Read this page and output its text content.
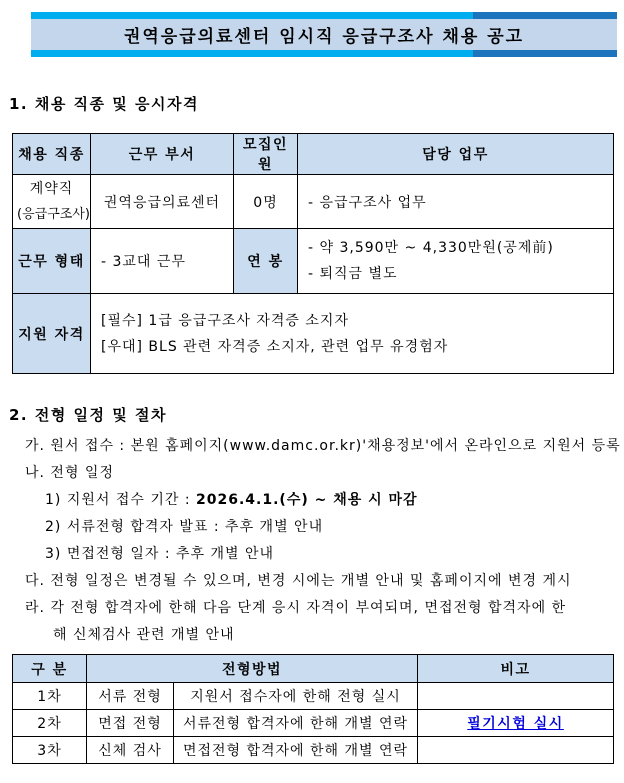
권역응급의료센터 임시직 응급구조사 채용 공고
1. 채용 직종 및 응시자격
채용 직종	근무 부서	모집인원	담당 업무

계약직
(응급구조사)	권역응급의료센터	0명	- 응급구조사 업무
근무 형태	- 3교대 근무	연 봉	- 약 3,590만 ~ 4,330만원(공제前)
- 퇴직금 별도

지원 자격	[필수] 1급 응급구조사 자격증 소지자
[우대] BLS 관련 자격증 소지자, 관련 업무 유경험자		
2. 전형 일정 및 절차
가. 원서 접수 : 본원 홈페이지(www.damc.or.kr)'채용정보'에서 온라인으로 지원서 등록
나. 전형 일정
1) 지원서 접수 기간 : 2026.4.1.(수) ~ 채용 시 마감
2) 서류전형 합격자 발표 : 추후 개별 안내
3) 면접전형 일자 : 추후 개별 안내
다. 전형 일정은 변경될 수 있으며, 변경 시에는 개별 안내 및 홈페이지에 변경 게시
라. 각 전형 합격자에 한해 다음 단계 응시 자격이 부여되며, 면접전형 합격자에 한
해 신체검사 관련 개별 안내
구 분	전형방법		비고
1차	서류 전형	지원서 접수자에 한해 전형 실시	
2차	면접 전형	서류전형 합격자에 한해 개별 연락	필기시험 실시
3차	신체 검사	면접전형 합격자에 한해 개별 연락	
